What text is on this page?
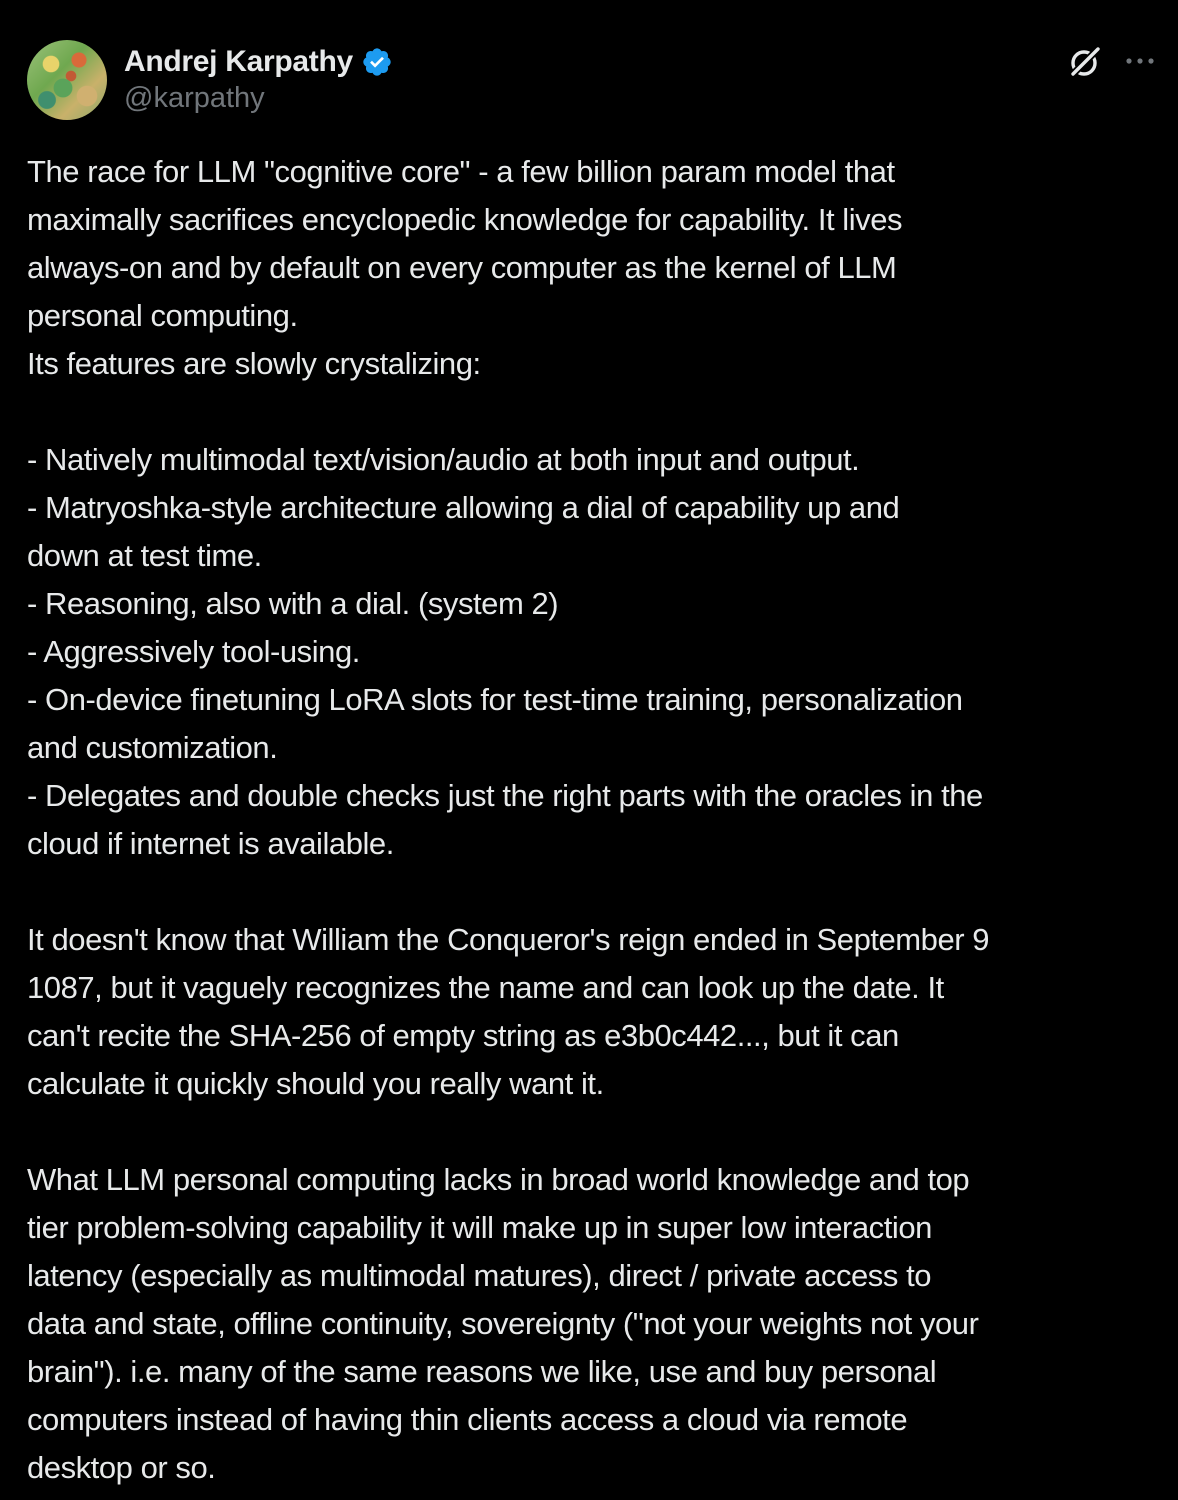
Andrej Karpathy
@karpathy
The race for LLM "cognitive core" - a few billion param model that
maximally sacrifices encyclopedic knowledge for capability. It lives
always-on and by default on every computer as the kernel of LLM
personal computing.
Its features are slowly crystalizing:
- Natively multimodal text/vision/audio at both input and output.
- Matryoshka-style architecture allowing a dial of capability up and
down at test time.
- Reasoning, also with a dial. (system 2)
- Aggressively tool-using.
- On-device finetuning LoRA slots for test-time training, personalization
and customization.
- Delegates and double checks just the right parts with the oracles in the
cloud if internet is available.
It doesn't know that William the Conqueror's reign ended in September 9
1087, but it vaguely recognizes the name and can look up the date. It
can't recite the SHA-256 of empty string as e3b0c442..., but it can
calculate it quickly should you really want it.
What LLM personal computing lacks in broad world knowledge and top
tier problem-solving capability it will make up in super low interaction
latency (especially as multimodal matures), direct / private access to
data and state, offline continuity, sovereignty ("not your weights not your
brain"). i.e. many of the same reasons we like, use and buy personal
computers instead of having thin clients access a cloud via remote
desktop or so.
